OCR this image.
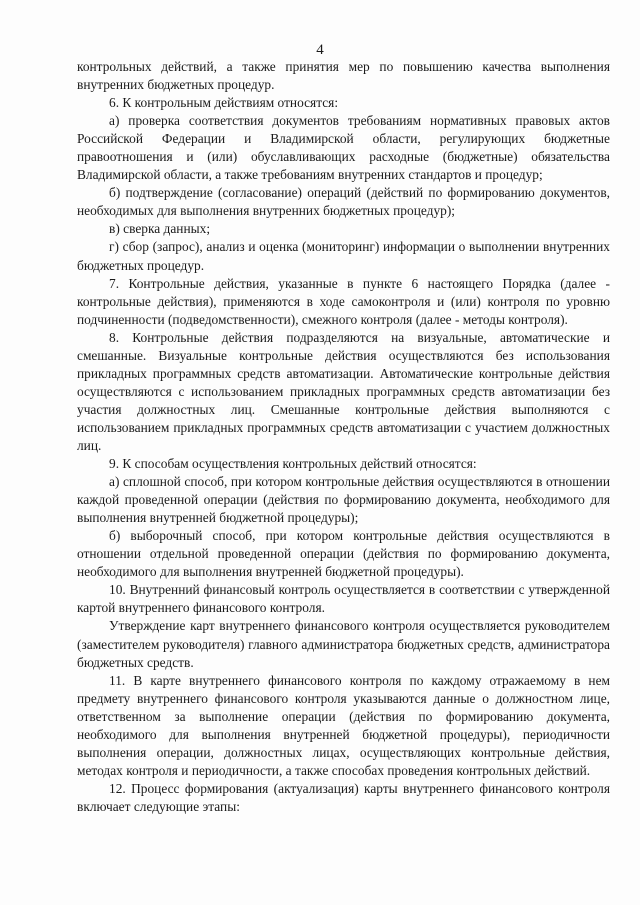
4

контрольных действий, а также принятия мер по повышению качества выполнения внутренних бюджетных процедур.

6. К контрольным действиям относятся:

а) проверка соответствия документов требованиям нормативных правовых актов Российской Федерации и Владимирской области, регулирующих бюджетные правоотношения и (или) обуславливающих расходные (бюджетные) обязательства Владимирской области, а также требованиям внутренних стандартов и процедур;

б) подтверждение (согласование) операций (действий по формированию документов, необходимых для выполнения внутренних бюджетных процедур);

в) сверка данных;

г) сбор (запрос), анализ и оценка (мониторинг) информации о выполнении внутренних бюджетных процедур.

7. Контрольные действия, указанные в пункте 6 настоящего Порядка (далее - контрольные действия), применяются в ходе самоконтроля и (или) контроля по уровню подчиненности (подведомственности), смежного контроля (далее - методы контроля).

8. Контрольные действия подразделяются на визуальные, автоматические и смешанные. Визуальные контрольные действия осуществляются без использования прикладных программных средств автоматизации. Автоматические контрольные действия осуществляются с использованием прикладных программных средств автоматизации без участия должностных лиц. Смешанные контрольные действия выполняются с использованием прикладных программных средств автоматизации с участием должностных лиц.

9. К способам осуществления контрольных действий относятся:

а) сплошной способ, при котором контрольные действия осуществляются в отношении каждой проведенной операции (действия по формированию документа, необходимого для выполнения внутренней бюджетной процедуры);

б) выборочный способ, при котором контрольные действия осуществляются в отношении отдельной проведенной операции (действия по формированию документа, необходимого для выполнения внутренней бюджетной процедуры).

10. Внутренний финансовый контроль осуществляется в соответствии с утвержденной картой внутреннего финансового контроля.

Утверждение карт внутреннего финансового контроля осуществляется руководителем (заместителем руководителя) главного администратора бюджетных средств, администратора бюджетных средств.

11. В карте внутреннего финансового контроля по каждому отражаемому в нем предмету внутреннего финансового контроля указываются данные о должностном лице, ответственном за выполнение операции (действия по формированию документа, необходимого для выполнения внутренней бюджетной процедуры), периодичности выполнения операции, должностных лицах, осуществляющих контрольные действия, методах контроля и периодичности, а также способах проведения контрольных действий.

12. Процесс формирования (актуализация) карты внутреннего финансового контроля включает следующие этапы:
